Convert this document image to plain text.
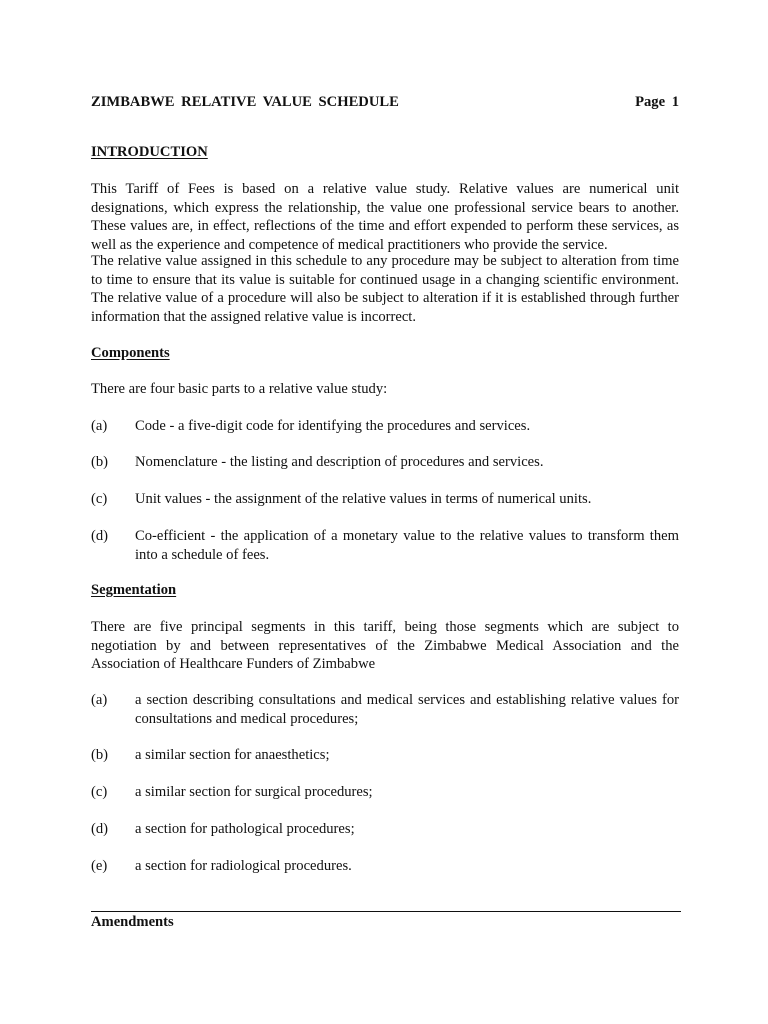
ZIMBABWE RELATIVE VALUE SCHEDULE	Page 1
INTRODUCTION

This Tariff of Fees is based on a relative value study. Relative values are numerical unit designations, which express the relationship, the value one professional service bears to another. These values are, in effect, reflections of the time and effort expended to perform these services, as well as the experience and competence of medical practitioners who provide the service.

The relative value assigned in this schedule to any procedure may be subject to alteration from time to time to ensure that its value is suitable for continued usage in a changing scientific environment. The relative value of a procedure will also be subject to alteration if it is established through further information that the assigned relative value is incorrect.

Components

There are four basic parts to a relative value study:

(a) Code - a five-digit code for identifying the procedures and services.
(b) Nomenclature - the listing and description of procedures and services.
(c) Unit values - the assignment of the relative values in terms of numerical units.
(d) Co-efficient - the application of a monetary value to the relative values to transform them into a schedule of fees.
Segmentation

There are five principal segments in this tariff, being those segments which are subject to negotiation by and between representatives of the Zimbabwe Medical Association and the Association of Healthcare Funders of Zimbabwe

(a) a section describing consultations and medical services and establishing relative values for consultations and medical procedures;
(b) a similar section for anaesthetics;
(c) a similar section for surgical procedures;
(d) a section for pathological procedures;
(e) a section for radiological procedures.
Amendments
